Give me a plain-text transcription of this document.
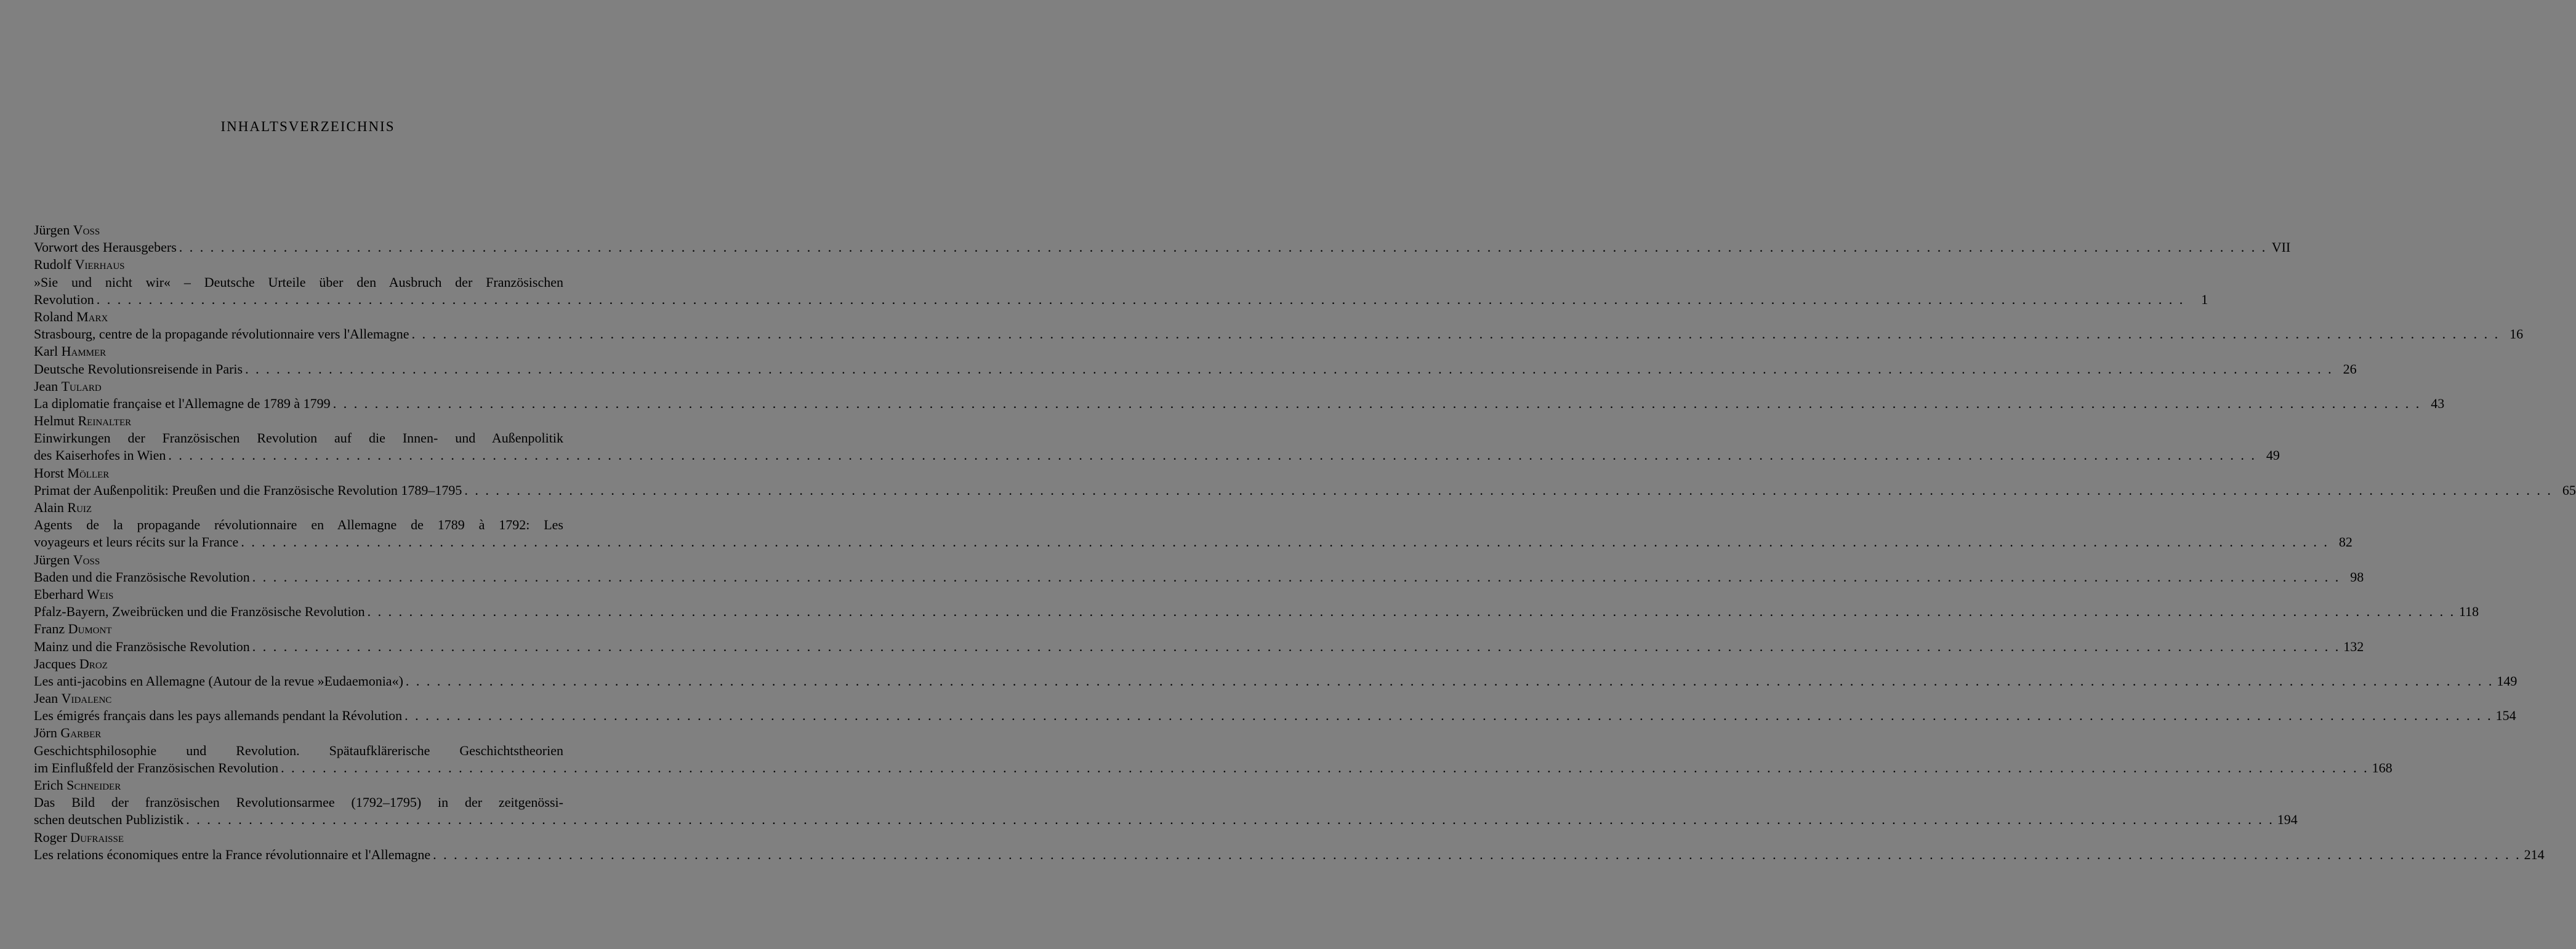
INHALTSVERZEICHNIS
Jürgen Voss
Vorwort des Herausgebers . . . . . . . . . . . . . . . . . . . . . . . . . . . . . . . . . . . . . . . . . . . . . . . . . . . . . . . . . . . . . . . . . . . . . . . . . . . . . . . . . . . . . . . . . . . . . . . . . . . . . . . . . . . . . . . . . . . . . . . . . . . . . . . . . . . . . . . . . . . . . . . . . . . . . . . . . . . . . . . . . . . . . . . . . . . . . . . . . . . . . . . . . . . . . . . . . . . . . . . . VII
Rudolf Vierhaus
»Sie und nicht wir« – Deutsche Urteile über den Ausbruch der Französischen
Revolution . . . . . . . . . . . . . . . . . . . . . . . . . . . . . . . . . . . . . . . . . . . . . . . . . . . . . . . . . . . . . . . . . . . . . . . . . . . . . . . . . . . . . . . . . . . . . . . . . . . . . . . . . . . . . . . . . . . . . . . . . . . . . . . . . . . . . . . . . . . . . . . . . . . . . . . . . . . . . . . . . . . . . . . . . . . . . . . . . . . . . . . . . . . . . . . . . . . . . . . .	1
Roland Marx
Strasbourg, centre de la propagande révolutionnaire vers l'Allemagne . . . . . . . . . . . . . . . . . . . . . . . . . . . . . . . . . . . . . . . . . . . . . . . . . . . . . . . . . . . . . . . . . . . . . . . . . . . . . . . . . . . . . . . . . . . . . . . . . . . . . . . . . . . . . . . . . . . . . . . . . . . . . . . . . . . . . . . . . . . . . . . . . . . . . . . . . . . . . . . . . . . . . . . . . . . . . . . . . . . . . . . . . . . . . . . . . . . . . . . . 16
Karl Hammer
Deutsche Revolutionsreisende in Paris . . . . . . . . . . . . . . . . . . . . . . . . . . . . . . . . . . . . . . . . . . . . . . . . . . . . . . . . . . . . . . . . . . . . . . . . . . . . . . . . . . . . . . . . . . . . . . . . . . . . . . . . . . . . . . . . . . . . . . . . . . . . . . . . . . . . . . . . . . . . . . . . . . . . . . . . . . . . . . . . . . . . . . . . . . . . . . . . . . . . . . . . . . . . . . . . . . . . . . . . 26
Jean Tulard
La diplomatie française et l'Allemagne de 1789 à 1799 . . . . . . . . . . . . . . . . . . . . . . . . . . . . . . . . . . . . . . . . . . . . . . . . . . . . . . . . . . . . . . . . . . . . . . . . . . . . . . . . . . . . . . . . . . . . . . . . . . . . . . . . . . . . . . . . . . . . . . . . . . . . . . . . . . . . . . . . . . . . . . . . . . . . . . . . . . . . . . . . . . . . . . . . . . . . . . . . . . . . . . . . . . . . . . . . . . . . . . . . 43
Helmut Reinalter
Einwirkungen der Französischen Revolution auf die Innen- und Außenpolitik
des Kaiserhofes in Wien . . . . . . . . . . . . . . . . . . . . . . . . . . . . . . . . . . . . . . . . . . . . . . . . . . . . . . . . . . . . . . . . . . . . . . . . . . . . . . . . . . . . . . . . . . . . . . . . . . . . . . . . . . . . . . . . . . . . . . . . . . . . . . . . . . . . . . . . . . . . . . . . . . . . . . . . . . . . . . . . . . . . . . . . . . . . . . . . . . . . . . . . . . . . . . . . . . . . . . . . 49
Horst Möller
Primat der Außenpolitik: Preußen und die Französische Revolution 1789–1795 . . . . . . . . . . . . . . . . . . . . . . . . . . . . . . . . . . . . . . . . . . . . . . . . . . . . . . . . . . . . . . . . . . . . . . . . . . . . . . . . . . . . . . . . . . . . . . . . . . . . . . . . . . . . . . . . . . . . . . . . . . . . . . . . . . . . . . . . . . . . . . . . . . . . . . . . . . . . . . . . . . . . . . . . . . . . . . . . . . . . . . . . . . . . . . . . . . . . . . . . 65
Alain Ruiz
Agents de la propagande révolutionnaire en Allemagne de 1789 à 1792: Les
voyageurs et leurs récits sur la France . . . . . . . . . . . . . . . . . . . . . . . . . . . . . . . . . . . . . . . . . . . . . . . . . . . . . . . . . . . . . . . . . . . . . . . . . . . . . . . . . . . . . . . . . . . . . . . . . . . . . . . . . . . . . . . . . . . . . . . . . . . . . . . . . . . . . . . . . . . . . . . . . . . . . . . . . . . . . . . . . . . . . . . . . . . . . . . . . . . . . . . . . . . . . . . . . . . . . . . . 82
Jürgen Voss
Baden und die Französische Revolution . . . . . . . . . . . . . . . . . . . . . . . . . . . . . . . . . . . . . . . . . . . . . . . . . . . . . . . . . . . . . . . . . . . . . . . . . . . . . . . . . . . . . . . . . . . . . . . . . . . . . . . . . . . . . . . . . . . . . . . . . . . . . . . . . . . . . . . . . . . . . . . . . . . . . . . . . . . . . . . . . . . . . . . . . . . . . . . . . . . . . . . . . . . . . . . . . . . . . . . . 98
Eberhard Weis
Pfalz-Bayern, Zweibrücken und die Französische Revolution . . . . . . . . . . . . . . . . . . . . . . . . . . . . . . . . . . . . . . . . . . . . . . . . . . . . . . . . . . . . . . . . . . . . . . . . . . . . . . . . . . . . . . . . . . . . . . . . . . . . . . . . . . . . . . . . . . . . . . . . . . . . . . . . . . . . . . . . . . . . . . . . . . . . . . . . . . . . . . . . . . . . . . . . . . . . . . . . . . . . . . . . . . . . . . . . . . . . . . . . 118
Franz Dumont
Mainz und die Französische Revolution . . . . . . . . . . . . . . . . . . . . . . . . . . . . . . . . . . . . . . . . . . . . . . . . . . . . . . . . . . . . . . . . . . . . . . . . . . . . . . . . . . . . . . . . . . . . . . . . . . . . . . . . . . . . . . . . . . . . . . . . . . . . . . . . . . . . . . . . . . . . . . . . . . . . . . . . . . . . . . . . . . . . . . . . . . . . . . . . . . . . . . . . . . . . . . . . . . . . . . . . 132
Jacques Droz
Les anti-jacobins en Allemagne (Autour de la revue »Eudaemonia«) . . . . . . . . . . . . . . . . . . . . . . . . . . . . . . . . . . . . . . . . . . . . . . . . . . . . . . . . . . . . . . . . . . . . . . . . . . . . . . . . . . . . . . . . . . . . . . . . . . . . . . . . . . . . . . . . . . . . . . . . . . . . . . . . . . . . . . . . . . . . . . . . . . . . . . . . . . . . . . . . . . . . . . . . . . . . . . . . . . . . . . . . . . . . . . . . . . . . . . . . 149
Jean Vidalenc
Les émigrés français dans les pays allemands pendant la Révolution . . . . . . . . . . . . . . . . . . . . . . . . . . . . . . . . . . . . . . . . . . . . . . . . . . . . . . . . . . . . . . . . . . . . . . . . . . . . . . . . . . . . . . . . . . . . . . . . . . . . . . . . . . . . . . . . . . . . . . . . . . . . . . . . . . . . . . . . . . . . . . . . . . . . . . . . . . . . . . . . . . . . . . . . . . . . . . . . . . . . . . . . . . . . . . . . . . . . . . . . 154
Jörn Garber
Geschichtsphilosophie und Revolution. Spätaufklärerische Geschichtstheorien
im Einflußfeld der Französischen Revolution . . . . . . . . . . . . . . . . . . . . . . . . . . . . . . . . . . . . . . . . . . . . . . . . . . . . . . . . . . . . . . . . . . . . . . . . . . . . . . . . . . . . . . . . . . . . . . . . . . . . . . . . . . . . . . . . . . . . . . . . . . . . . . . . . . . . . . . . . . . . . . . . . . . . . . . . . . . . . . . . . . . . . . . . . . . . . . . . . . . . . . . . . . . . . . . . . . . . . . . . 168
Erich Schneider
Das Bild der französischen Revolutionsarmee (1792–1795) in der zeitgenössi-
schen deutschen Publizistik . . . . . . . . . . . . . . . . . . . . . . . . . . . . . . . . . . . . . . . . . . . . . . . . . . . . . . . . . . . . . . . . . . . . . . . . . . . . . . . . . . . . . . . . . . . . . . . . . . . . . . . . . . . . . . . . . . . . . . . . . . . . . . . . . . . . . . . . . . . . . . . . . . . . . . . . . . . . . . . . . . . . . . . . . . . . . . . . . . . . . . . . . . . . . . . . . . . . . . . . 194
Roger Dufraisse
Les relations économiques entre la France révolutionnaire et l'Allemagne . . . . . . . . . . . . . . . . . . . . . . . . . . . . . . . . . . . . . . . . . . . . . . . . . . . . . . . . . . . . . . . . . . . . . . . . . . . . . . . . . . . . . . . . . . . . . . . . . . . . . . . . . . . . . . . . . . . . . . . . . . . . . . . . . . . . . . . . . . . . . . . . . . . . . . . . . . . . . . . . . . . . . . . . . . . . . . . . . . . . . . . . . . . . . . . . . . . . . . . . 214
